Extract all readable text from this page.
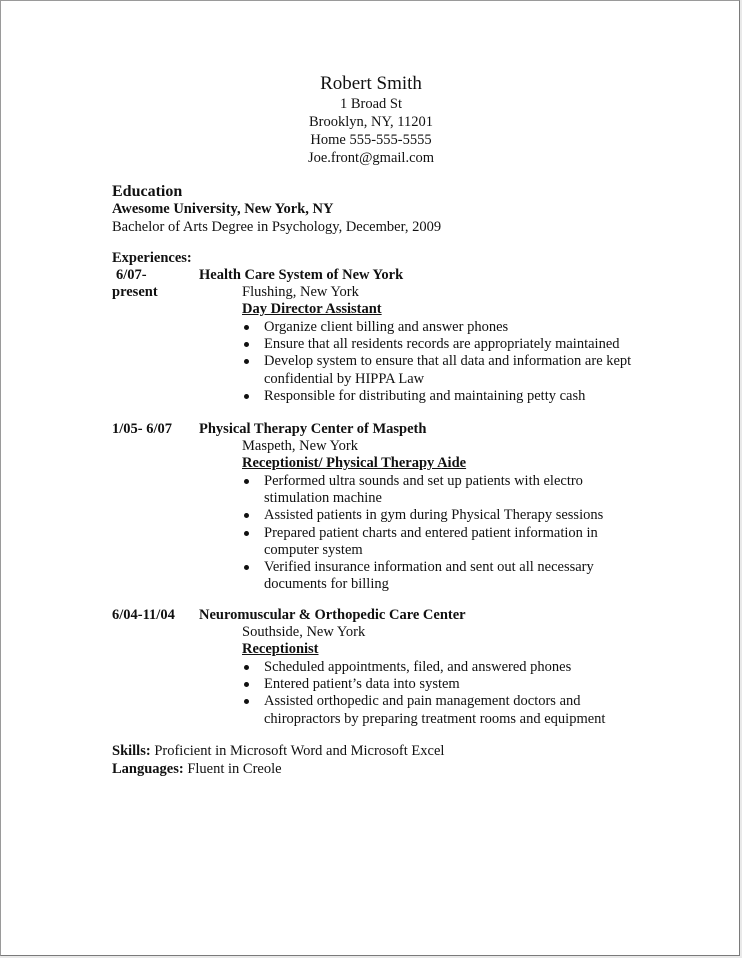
Robert Smith
1 Broad St
Brooklyn, NY, 11201
Home 555-555-5555
Joe.front@gmail.com
Education
Awesome University, New York, NY
Bachelor of Arts Degree in Psychology, December, 2009
Experiences:
6/07-
present
Health Care System of New York
Flushing, New York
Day Director Assistant
Organize client billing and answer phones
Ensure that all residents records are appropriately maintained
Develop system to ensure that all data and information are kept confidential by HIPPA Law
Responsible for distributing and maintaining petty cash
1/05- 6/07 Physical Therapy Center of Maspeth
Maspeth, New York
Receptionist/ Physical Therapy Aide
Performed ultra sounds and set up patients with electro stimulation machine
Assisted patients in gym during Physical Therapy sessions
Prepared patient charts and entered patient information in computer system
Verified insurance information and sent out all necessary documents for billing
6/04-11/04 Neuromuscular & Orthopedic Care Center
Southside, New York
Receptionist
Scheduled appointments, filed, and answered phones
Entered patient’s data into system
Assisted orthopedic and pain management doctors and chiropractors by preparing treatment rooms and equipment
Skills: Proficient in Microsoft Word and Microsoft Excel
Languages: Fluent in Creole
